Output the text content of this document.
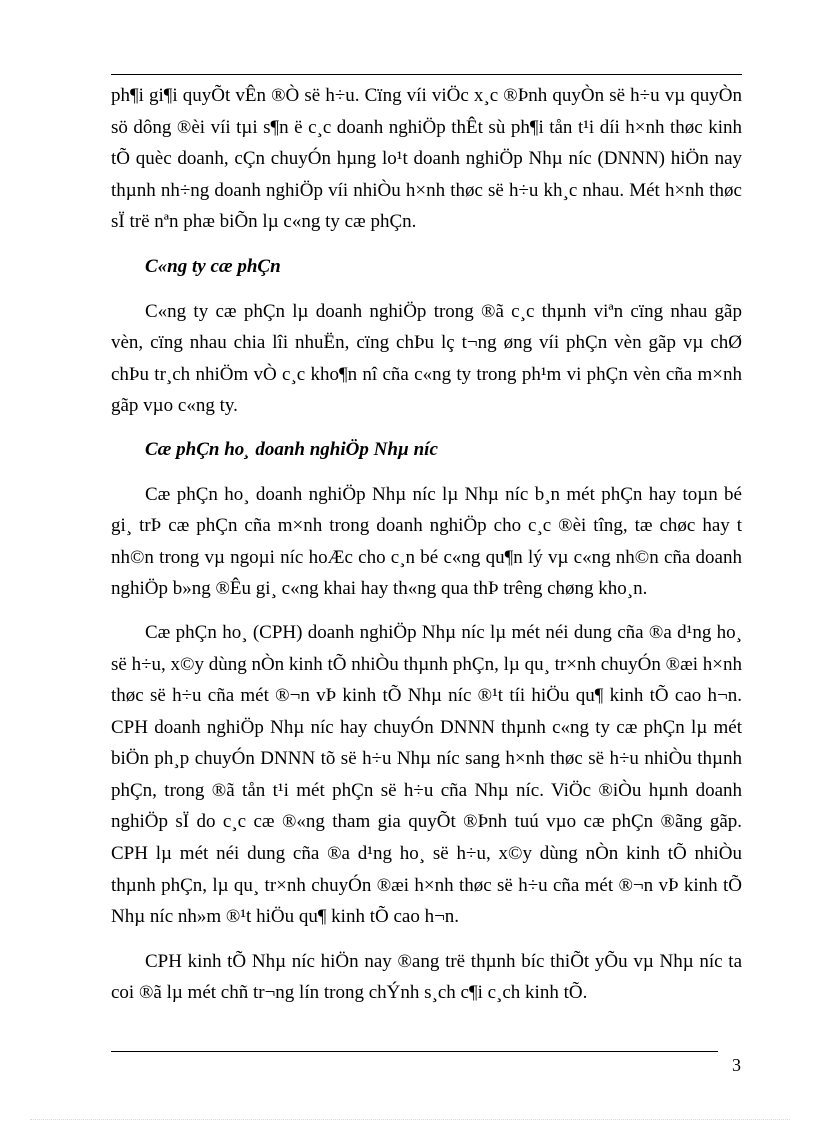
ph¶i gi¶i quyÕt vÊn ®Ò së h÷u. Cïng víi viÖc x¸c ®Þnh quyÒn së h÷u vµ quyÒn sö dông ®èi víi tµi s¶n ë c¸c doanh nghiÖp thÊt sù ph¶i tån t¹i díi h×nh thøc kinh tÕ quèc doanh, cÇn chuyÓn hµng lo¹t doanh nghiÖp Nhµ níc (DNNN) hiÖn nay thµnh nh÷ng doanh nghiÖp víi nhiÒu h×nh thøc së h÷u kh¸c nhau. Mét h×nh thøc sÏ trë nªn phæ biÕn lµ c«ng ty cæ phÇn.

C«ng ty cæ phÇn

C«ng ty cæ phÇn lµ doanh nghiÖp trong ®ã c¸c thµnh viªn cïng nhau gãp vèn, cïng nhau chia lîi nhuËn, cïng chÞu lç t¬ng øng víi phÇn vèn gãp vµ chØ chÞu tr¸ch nhiÖm vÒ c¸c kho¶n nî cña c«ng ty trong ph¹m vi phÇn vèn cña m×nh gãp vµo c«ng ty.

Cæ phÇn ho¸ doanh nghiÖp Nhµ níc

Cæ phÇn ho¸ doanh nghiÖp Nhµ níc lµ Nhµ níc b¸n mét phÇn hay toµn bé gi¸ trÞ cæ phÇn cña m×nh trong doanh nghiÖp cho c¸c ®èi tîng, tæ chøc hay t nh©n trong vµ ngoµi níc hoÆc cho c¸n bé c«ng qu¶n lý vµ c«ng nh©n cña doanh nghiÖp b»ng ®Êu gi¸ c«ng khai hay th«ng qua thÞ trêng chøng kho¸n.

Cæ phÇn ho¸ (CPH) doanh nghiÖp Nhµ níc lµ mét néi dung cña ®a d¹ng ho¸ së h÷u, x©y dùng nÒn kinh tÕ nhiÒu thµnh phÇn, lµ qu¸ tr×nh chuyÓn ®æi h×nh thøc së h÷u cña mét ®¬n vÞ kinh tÕ Nhµ níc ®¹t tíi hiÖu qu¶ kinh tÕ cao h¬n. CPH doanh nghiÖp Nhµ níc hay chuyÓn DNNN thµnh c«ng ty cæ phÇn lµ mét biÖn ph¸p chuyÓn DNNN tõ së h÷u Nhµ níc sang h×nh thøc së h÷u nhiÒu thµnh phÇn, trong ®ã tån t¹i mét phÇn së h÷u cña Nhµ níc. ViÖc ®iÒu hµnh doanh nghiÖp sÏ do c¸c cæ ®«ng tham gia quyÕt ®Þnh tuú vµo cæ phÇn ®ãng gãp. CPH lµ mét néi dung cña ®a d¹ng ho¸ së h÷u, x©y dùng nÒn kinh tÕ nhiÒu thµnh phÇn, lµ qu¸ tr×nh chuyÓn ®æi h×nh thøc së h÷u cña mét ®¬n vÞ kinh tÕ Nhµ níc nh»m ®¹t hiÖu qu¶ kinh tÕ cao h¬n.

CPH kinh tÕ Nhµ níc hiÖn nay ®ang trë thµnh bíc thiÕt yÕu vµ Nhµ níc ta coi ®ã lµ mét chñ tr¬ng lín trong chÝnh s¸ch c¶i c¸ch kinh tÕ.

3
